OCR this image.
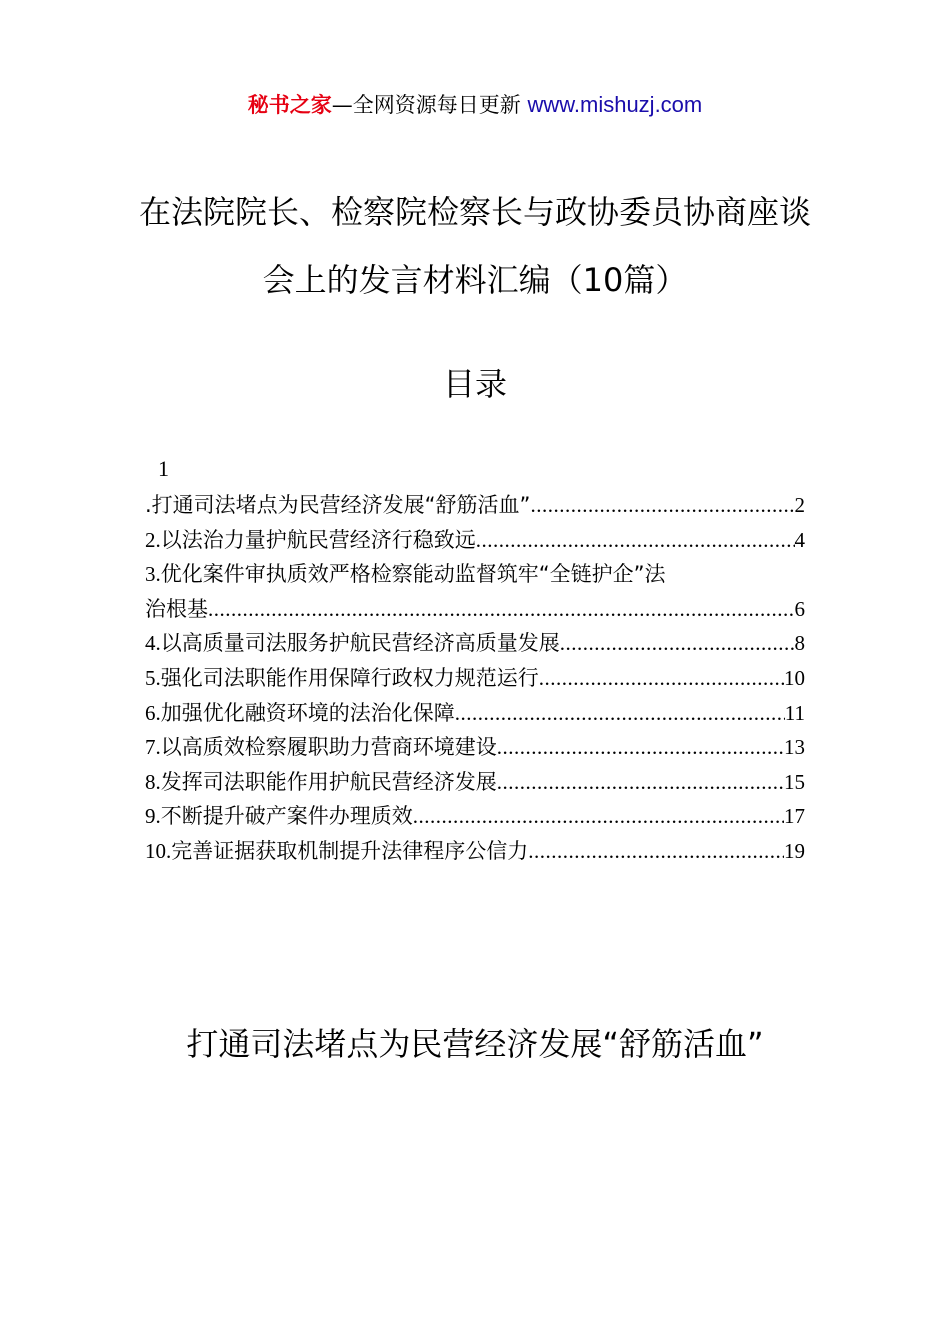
秘书之家—全网资源每日更新 www.mishuzj.com
在法院院长、检察院检察长与政协委员协商座谈会上的发言材料汇编（10篇）
目录
1
.打通司法堵点为民营经济发展“舒筋活血” .....	2
2.以法治力量护航民营经济行稳致远 .....	4
3.优化案件审执质效严格检察能动监督筑牢“全链护企”法
治根基 .....	6
4.以高质量司法服务护航民营经济高质量发展 .....	8
5.强化司法职能作用保障行政权力规范运行 .....	10
6.加强优化融资环境的法治化保障 .....	11
7.以高质效检察履职助力营商环境建设 .....	13
8.发挥司法职能作用护航民营经济发展 .....	15
9.不断提升破产案件办理质效 .....	17
10.完善证据获取机制提升法律程序公信力 .....	19
打通司法堵点为民营经济发展“舒筋活血”
